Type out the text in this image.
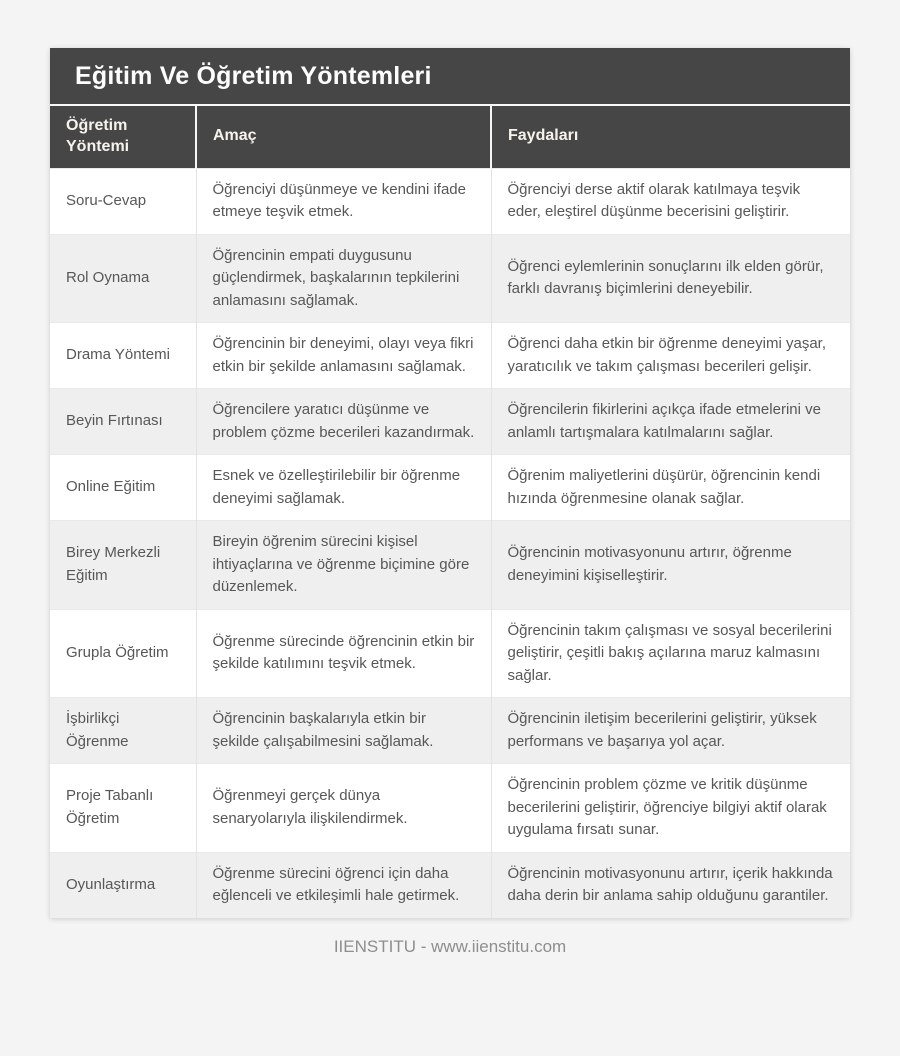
Eğitim Ve Öğretim Yöntemleri
Öğretim Yöntemi	Amaç	Faydaları
Soru-Cevap	Öğrenciyi düşünmeye ve kendini ifade etmeye teşvik etmek.	Öğrenciyi derse aktif olarak katılmaya teşvik eder, eleştirel düşünme becerisini geliştirir.
Rol Oynama	Öğrencinin empati duygusunu güçlendirmek, başkalarının tepkilerini anlamasını sağlamak.	Öğrenci eylemlerinin sonuçlarını ilk elden görür, farklı davranış biçimlerini deneyebilir.
Drama Yöntemi	Öğrencinin bir deneyimi, olayı veya fikri etkin bir şekilde anlamasını sağlamak.	Öğrenci daha etkin bir öğrenme deneyimi yaşar, yaratıcılık ve takım çalışması becerileri gelişir.
Beyin Fırtınası	Öğrencilere yaratıcı düşünme ve problem çözme becerileri kazandırmak.	Öğrencilerin fikirlerini açıkça ifade etmelerini ve anlamlı tartışmalara katılmalarını sağlar.
Online Eğitim	Esnek ve özelleştirilebilir bir öğrenme deneyimi sağlamak.	Öğrenim maliyetlerini düşürür, öğrencinin kendi hızında öğrenmesine olanak sağlar.
Birey Merkezli Eğitim	Bireyin öğrenim sürecini kişisel ihtiyaçlarına ve öğrenme biçimine göre düzenlemek.	Öğrencinin motivasyonunu artırır, öğrenme deneyimini kişiselleştirir.
Grupla Öğretim	Öğrenme sürecinde öğrencinin etkin bir şekilde katılımını teşvik etmek.	Öğrencinin takım çalışması ve sosyal becerilerini geliştirir, çeşitli bakış açılarına maruz kalmasını sağlar.
İşbirlikçi Öğrenme	Öğrencinin başkalarıyla etkin bir şekilde çalışabilmesini sağlamak.	Öğrencinin iletişim becerilerini geliştirir, yüksek performans ve başarıya yol açar.
Proje Tabanlı Öğretim	Öğrenmeyi gerçek dünya senaryolarıyla ilişkilendirmek.	Öğrencinin problem çözme ve kritik düşünme becerilerini geliştirir, öğrenciye bilgiyi aktif olarak uygulama fırsatı sunar.
Oyunlaştırma	Öğrenme sürecini öğrenci için daha eğlenceli ve etkileşimli hale getirmek.	Öğrencinin motivasyonunu artırır, içerik hakkında daha derin bir anlama sahip olduğunu garantiler.
IIENSTITU - www.iienstitu.com
